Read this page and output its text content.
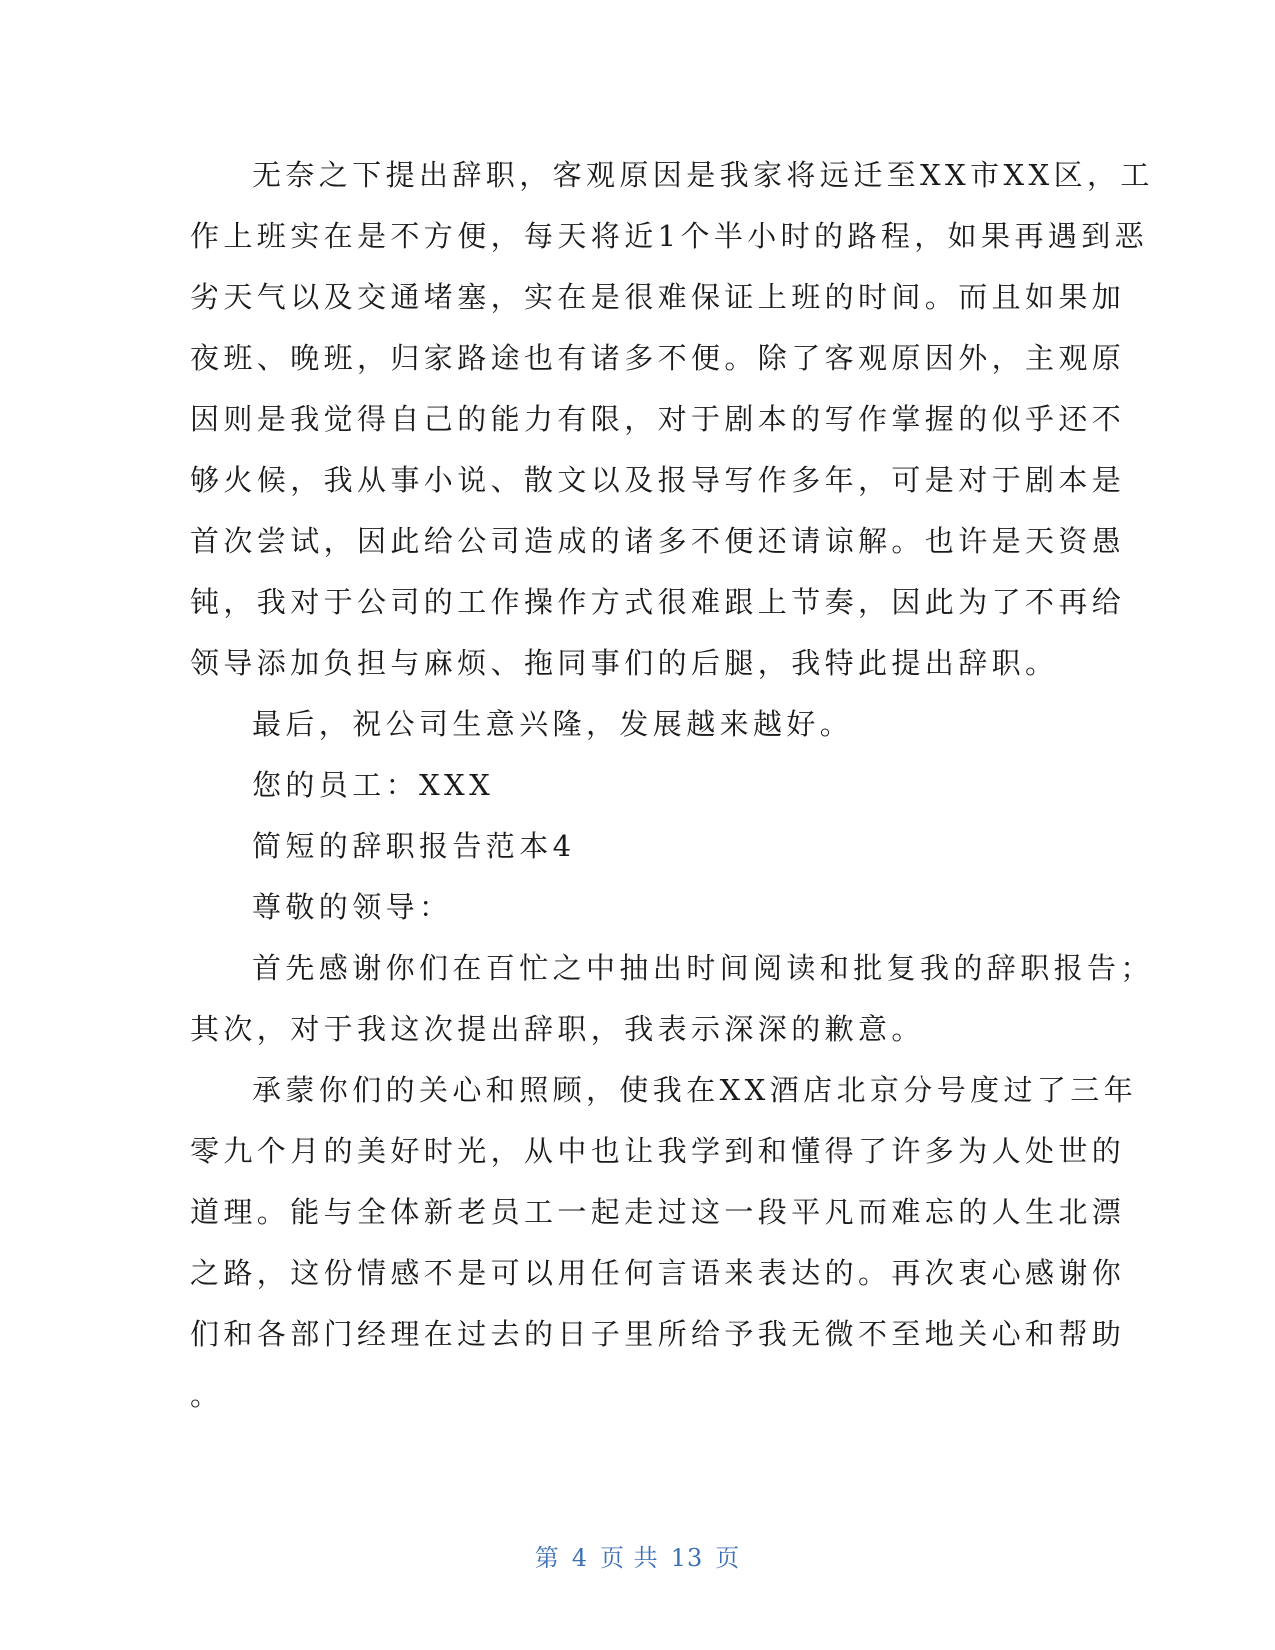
无奈之下提出辞职，客观原因是我家将远迁至XX市XX区，工
作上班实在是不方便，每天将近1个半小时的路程，如果再遇到恶
劣天气以及交通堵塞，实在是很难保证上班的时间。而且如果加
夜班、晚班，归家路途也有诸多不便。除了客观原因外，主观原
因则是我觉得自己的能力有限，对于剧本的写作掌握的似乎还不
够火候，我从事小说、散文以及报导写作多年，可是对于剧本是
首次尝试，因此给公司造成的诸多不便还请谅解。也许是天资愚
钝，我对于公司的工作操作方式很难跟上节奏，因此为了不再给
领导添加负担与麻烦、拖同事们的后腿，我特此提出辞职。
最后，祝公司生意兴隆，发展越来越好。
您的员工：XXX
简短的辞职报告范本4
尊敬的领导：
首先感谢你们在百忙之中抽出时间阅读和批复我的辞职报告；
其次，对于我这次提出辞职，我表示深深的歉意。
承蒙你们的关心和照顾，使我在XX酒店北京分号度过了三年
零九个月的美好时光，从中也让我学到和懂得了许多为人处世的
道理。能与全体新老员工一起走过这一段平凡而难忘的人生北漂
之路，这份情感不是可以用任何言语来表达的。再次衷心感谢你
们和各部门经理在过去的日子里所给予我无微不至地关心和帮助
。
第 4 页 共 13 页
